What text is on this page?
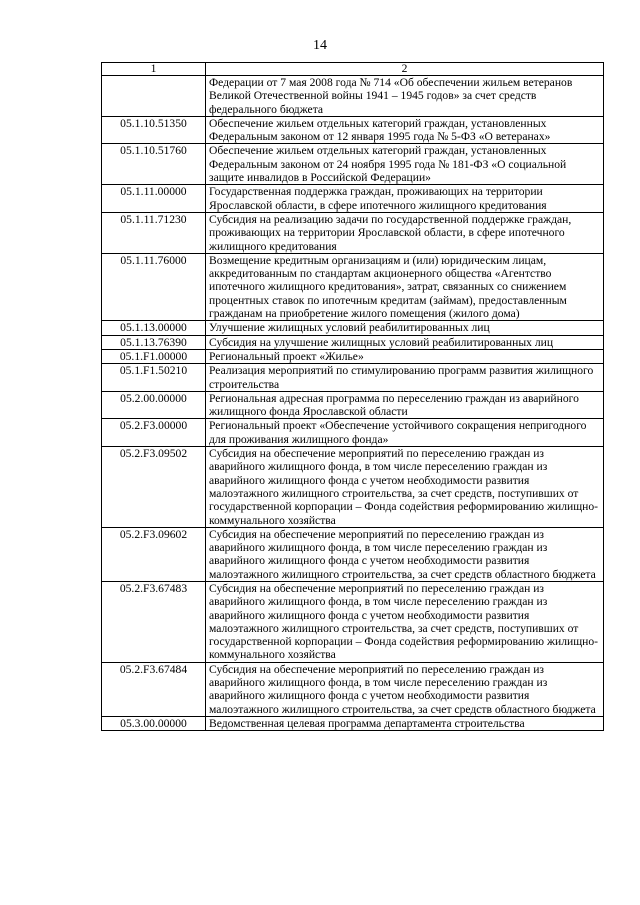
14
1	2
	Федерации от 7 мая 2008 года № 714 «Об обеспечении жильем ветеранов Великой Отечественной войны 1941 – 1945 годов» за счет средств федерального бюджета
05.1.10.51350	Обеспечение жильем отдельных категорий граждан, установленных Федеральным законом от 12 января 1995 года № 5-ФЗ «О ветеранах»
05.1.10.51760	Обеспечение жильем отдельных категорий граждан, установленных Федеральным законом от 24 ноября 1995 года № 181-ФЗ «О социальной защите инвалидов в Российской Федерации»
05.1.11.00000	Государственная поддержка граждан, проживающих на территории Ярославской области, в сфере ипотечного жилищного кредитования
05.1.11.71230	Субсидия на реализацию задачи по государственной поддержке граждан, проживающих на территории Ярославской области, в сфере ипотечного жилищного кредитования
05.1.11.76000	Возмещение кредитным организациям и (или) юридическим лицам, аккредитованным по стандартам акционерного общества «Агентство ипотечного жилищного кредитования», затрат, связанных со снижением процентных ставок по ипотечным кредитам (займам), предоставленным гражданам на приобретение жилого помещения (жилого дома)
05.1.13.00000	Улучшение жилищных условий реабилитированных лиц
05.1.13.76390	Субсидия на улучшение жилищных условий реабилитированных лиц
05.1.F1.00000	Региональный проект «Жилье»
05.1.F1.50210	Реализация мероприятий по стимулированию программ развития жилищного строительства
05.2.00.00000	Региональная адресная программа по переселению граждан из аварийного жилищного фонда Ярославской области
05.2.F3.00000	Региональный проект «Обеспечение устойчивого сокращения непригодного для проживания жилищного фонда»
05.2.F3.09502	Субсидия на обеспечение мероприятий по переселению граждан из аварийного жилищного фонда, в том числе переселению граждан из аварийного жилищного фонда с учетом необходимости развития малоэтажного жилищного строительства, за счет средств, поступивших от государственной корпорации – Фонда содействия реформированию жилищно-коммунального хозяйства
05.2.F3.09602	Субсидия на обеспечение мероприятий по переселению граждан из аварийного жилищного фонда, в том числе переселению граждан из аварийного жилищного фонда с учетом необходимости развития малоэтажного жилищного строительства, за счет средств областного бюджета
05.2.F3.67483	Субсидия на обеспечение мероприятий по переселению граждан из аварийного жилищного фонда, в том числе переселению граждан из аварийного жилищного фонда с учетом необходимости развития малоэтажного жилищного строительства, за счет средств, поступивших от государственной корпорации – Фонда содействия реформированию жилищно-коммунального хозяйства
05.2.F3.67484	Субсидия на обеспечение мероприятий по переселению граждан из аварийного жилищного фонда, в том числе переселению граждан из аварийного жилищного фонда с учетом необходимости развития малоэтажного жилищного строительства, за счет средств областного бюджета
05.3.00.00000	Ведомственная целевая программа департамента строительства
